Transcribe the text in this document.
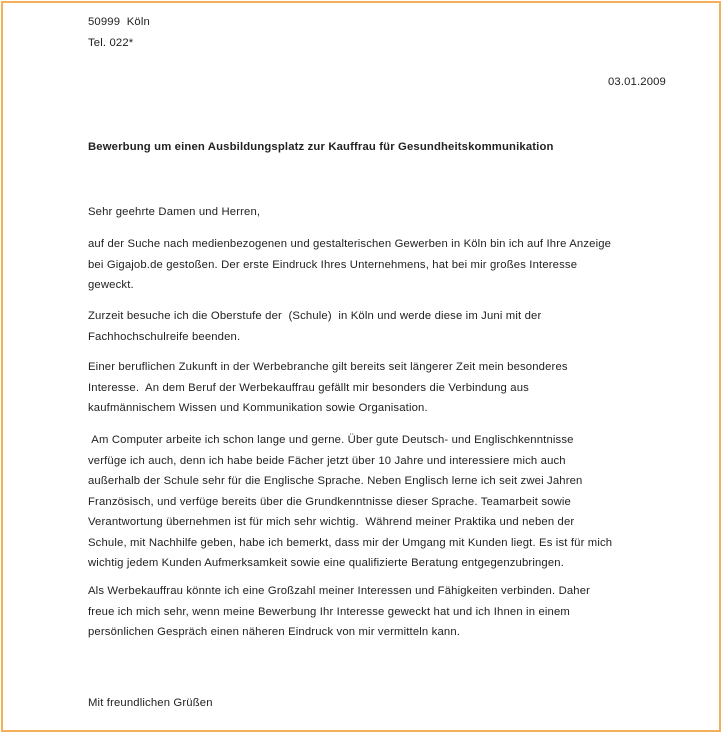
50999  Köln
Tel. 022*
03.01.2009
Bewerbung um einen Ausbildungsplatz zur Kauffrau für Gesundheitskommunikation
Sehr geehrte Damen und Herren,
auf der Suche nach medienbezogenen und gestalterischen Gewerben in Köln bin ich auf Ihre Anzeige
bei Gigajob.de gestoßen. Der erste Eindruck Ihres Unternehmens, hat bei mir großes Interesse
geweckt.
Zurzeit besuche ich die Oberstufe der  (Schule)  in Köln und werde diese im Juni mit der
Fachhochschulreife beenden.
Einer beruflichen Zukunft in der Werbebranche gilt bereits seit längerer Zeit mein besonderes
Interesse.  An dem Beruf der Werbekauffrau gefällt mir besonders die Verbindung aus
kaufmännischem Wissen und Kommunikation sowie Organisation.
Am Computer arbeite ich schon lange und gerne. Über gute Deutsch- und Englischkenntnisse
verfüge ich auch, denn ich habe beide Fächer jetzt über 10 Jahre und interessiere mich auch
außerhalb der Schule sehr für die Englische Sprache. Neben Englisch lerne ich seit zwei Jahren
Französisch, und verfüge bereits über die Grundkenntnisse dieser Sprache. Teamarbeit sowie
Verantwortung übernehmen ist für mich sehr wichtig.  Während meiner Praktika und neben der
Schule, mit Nachhilfe geben, habe ich bemerkt, dass mir der Umgang mit Kunden liegt. Es ist für mich
wichtig jedem Kunden Aufmerksamkeit sowie eine qualifizierte Beratung entgegenzubringen.
Als Werbekauffrau könnte ich eine Großzahl meiner Interessen und Fähigkeiten verbinden. Daher
freue ich mich sehr, wenn meine Bewerbung Ihr Interesse geweckt hat und ich Ihnen in einem
persönlichen Gespräch einen näheren Eindruck von mir vermitteln kann.
Mit freundlichen Grüßen
